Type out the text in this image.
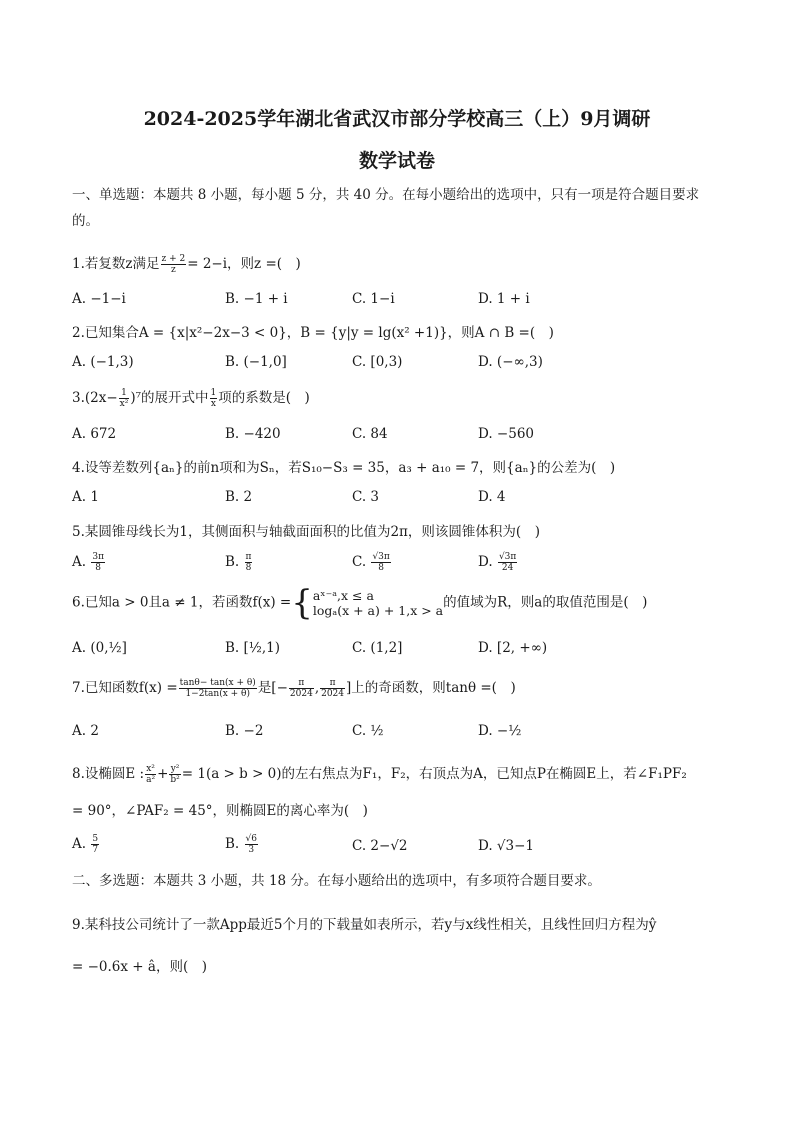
2024-2025学年湖北省武汉市部分学校高三（上）9月调研
数学试卷
一、单选题：本题共 8 小题，每小题 5 分，共 40 分。在每小题给出的选项中，只有一项是符合题目要求的。
1.若复数z满足 $\frac{z + 2}{z} = 2-i$，则z =(　)
A. −1−i	B. −1 + i	C. 1−i	D. 1 + i
2.已知集合A = {x|x²−2x−3 < 0}，B = {y|y = lg(x² +1)}，则A ∩ B =(　)
A. (−1,3)	B. (−1,0]	C. [0,3)	D. (−∞,3)
$3.(2x- \frac{1}{\text{x²}} )^7$的展开式中 $\frac{1}{x}$ 项的系数是(　)
A. 672	B. −420	C. 84	D. −560
4.设等差数列{aₙ}的前n项和为Sₙ，若S₁₀−S₃ = 35，a₃ + a₁₀ = 7，则{aₙ}的公差为(　)
A. 1	B. 2	C. 3	D. 4
5.某圆锥母线长为1，其侧面积与轴截面面积的比值为2π，则该圆锥体积为(　)
A. $\frac{3\pi}{8}$	B. $\frac{\pi}{8}$	C. $\frac{√3\pi}{8}$	D. $\frac{√3\pi}{24}$
6.已知a > 0且a ≠ 1，若函数f(x) ={ aˣ⁻ᵃ,x ≤ a
logₐ(x + a) + 1,x > a 的值域为R，则a的取值范围是(　)
A. (0,½]	B. [½,1)	C. (1,2]	D. [2, +∞)
7.已知函数$f(x) = \frac{\tan\theta- \tan(x + \theta)}{1-2\tan(x + \theta)}$ 是[− $\frac{\pi}{2024}$ , $\frac{\pi}{2024}$ ]上的奇函数，则tanθ =(　)
A. 2	B. −2	C. ½	D. −½
8.设椭圆E : $\frac{\text{x²}}{\text{a²}} + \frac{\text{y²}}{\text{b²}} = 1(a > b > 0)$的左右焦点为F₁，F₂，右顶点为A，已知点P在椭圆E上，若∠F₁PF₂
= 90°，∠PAF₂ = 45°，则椭圆E的离心率为(　)
A. $\frac{5}{7}$	B. $\frac{√6}{3}$	C. 2−√2	D. √3−1
二、多选题：本题共 3 小题，共 18 分。在每小题给出的选项中，有多项符合题目要求。
9.某科技公司统计了一款App最近5个月的下载量如表所示，若y与x线性相关，且线性回归方程为ŷ
= −0.6x + â，则(　)
